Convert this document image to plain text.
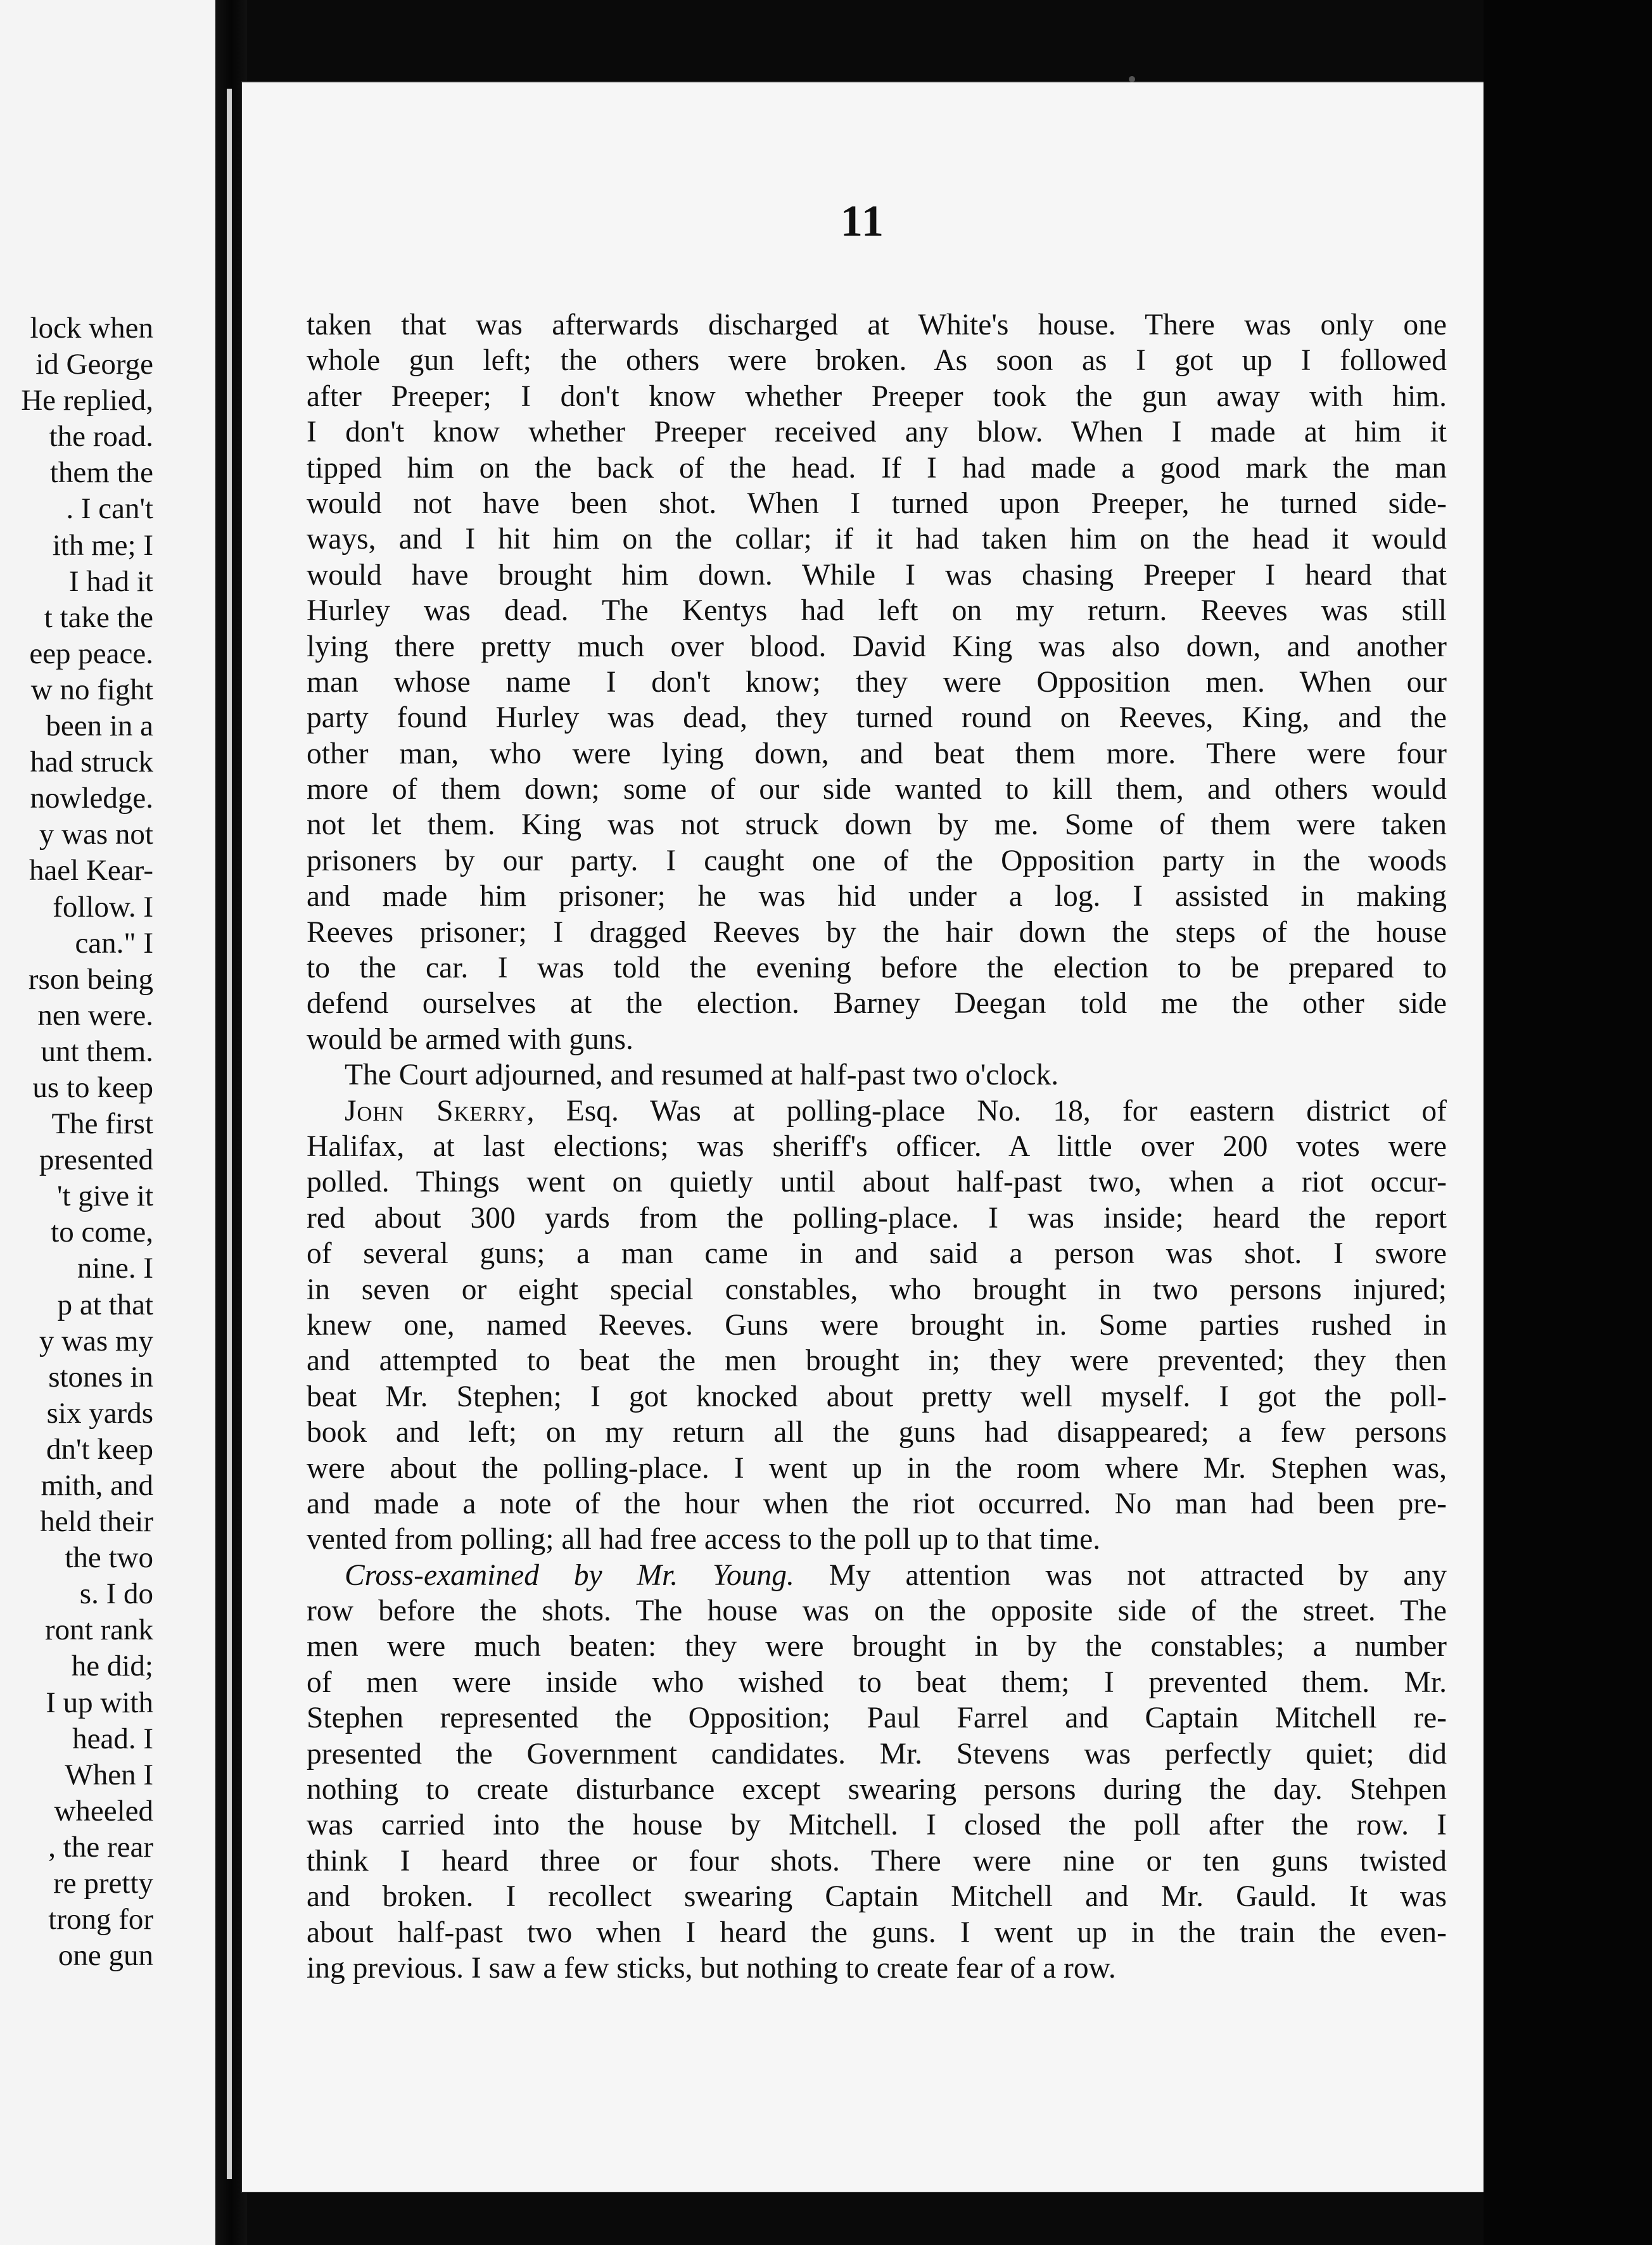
lock when
id George
He replied,
the road.
them the
. I can't
ith me; I
I had it
t take the
eep peace.
w no fight
been in a
had struck
nowledge.
y was not
hael Kear-
follow. I
can." I
rson being
nen were.
unt them.
us to keep
The first
presented
't give it
to come,
nine. I
p at that
y was my
stones in
six yards
dn't keep
mith, and
held their
the two
s. I do
ront rank
he did;
I up with
head. I
When I
wheeled
, the rear
re pretty
trong for
one gun
11
taken that was afterwards discharged at White's house. There was only one
whole gun left; the others were broken. As soon as I got up I followed
after Preeper; I don't know whether Preeper took the gun away with him.
I don't know whether Preeper received any blow. When I made at him it
tipped him on the back of the head. If I had made a good mark the man
would not have been shot. When I turned upon Preeper, he turned side-
ways, and I hit him on the collar; if it had taken him on the head it would
would have brought him down. While I was chasing Preeper I heard that
Hurley was dead. The Kentys had left on my return. Reeves was still
lying there pretty much over blood. David King was also down, and another
man whose name I don't know; they were Opposition men. When our
party found Hurley was dead, they turned round on Reeves, King, and the
other man, who were lying down, and beat them more. There were four
more of them down; some of our side wanted to kill them, and others would
not let them. King was not struck down by me. Some of them were taken
prisoners by our party. I caught one of the Opposition party in the woods
and made him prisoner; he was hid under a log. I assisted in making
Reeves prisoner; I dragged Reeves by the hair down the steps of the house
to the car. I was told the evening before the election to be prepared to
defend ourselves at the election. Barney Deegan told me the other side
would be armed with guns.
The Court adjourned, and resumed at half-past two o'clock.
John Skerry, Esq. Was at polling-place No. 18, for eastern district of
Halifax, at last elections; was sheriff's officer. A little over 200 votes were
polled. Things went on quietly until about half-past two, when a riot occur-
red about 300 yards from the polling-place. I was inside; heard the report
of several guns; a man came in and said a person was shot. I swore
in seven or eight special constables, who brought in two persons injured;
knew one, named Reeves. Guns were brought in. Some parties rushed in
and attempted to beat the men brought in; they were prevented; they then
beat Mr. Stephen; I got knocked about pretty well myself. I got the poll-
book and left; on my return all the guns had disappeared; a few persons
were about the polling-place. I went up in the room where Mr. Stephen was,
and made a note of the hour when the riot occurred. No man had been pre-
vented from polling; all had free access to the poll up to that time.
Cross-examined by Mr. Young. My attention was not attracted by any
row before the shots. The house was on the opposite side of the street. The
men were much beaten: they were brought in by the constables; a number
of men were inside who wished to beat them; I prevented them. Mr.
Stephen represented the Opposition; Paul Farrel and Captain Mitchell re-
presented the Government candidates. Mr. Stevens was perfectly quiet; did
nothing to create disturbance except swearing persons during the day. Stehpen
was carried into the house by Mitchell. I closed the poll after the row. I
think I heard three or four shots. There were nine or ten guns twisted
and broken. I recollect swearing Captain Mitchell and Mr. Gauld. It was
about half-past two when I heard the guns. I went up in the train the even-
ing previous. I saw a few sticks, but nothing to create fear of a row.
